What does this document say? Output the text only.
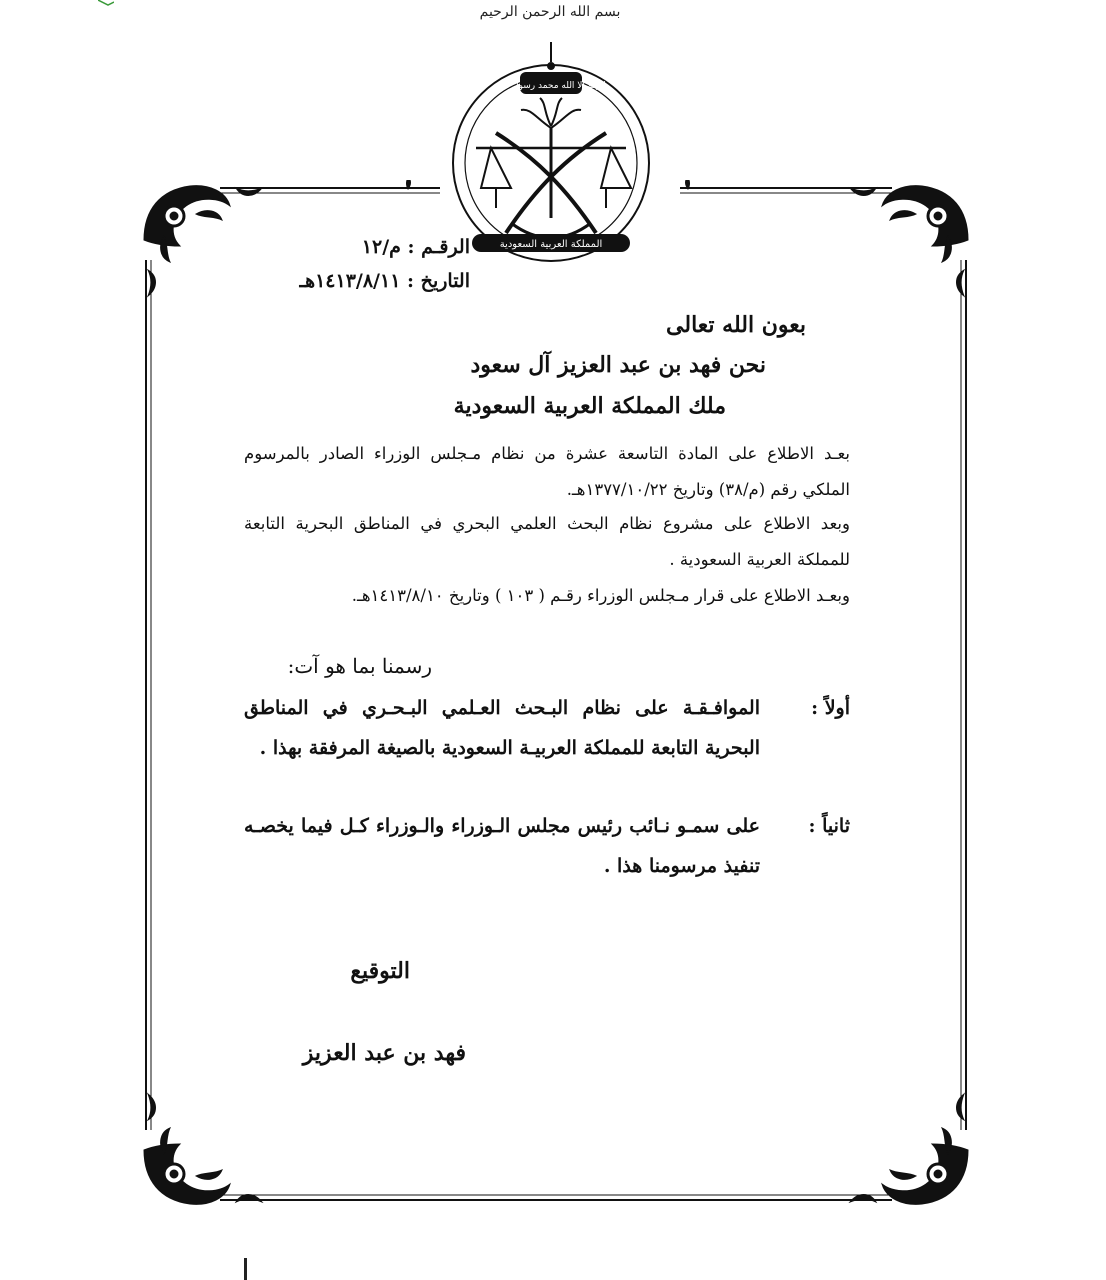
بسم الله الرحمن الرحيم
لا إله إلا الله محمد رسول الله
المملكة العربية السعودية
الرقـم : م/١٢
التاريخ : ١٤١٣/٨/١١هـ
بعون الله تعالى
نحن فهد بن عبد العزيز آل سعود
ملك المملكة العربية السعودية
بعـد الاطلاع على المادة التاسعة عشرة من نظام مـجلس الوزراء الصادر بالمرسوم الملكي رقم (م/٣٨) وتاريخ ١٣٧٧/١٠/٢٢هـ.
وبعد الاطلاع على مشروع نظام البحث العلمي البحري في المناطق البحرية التابعة للمملكة العربية السعودية .
وبعـد الاطلاع على قرار مـجلس الوزراء رقـم ( ١٠٣ ) وتاريخ ١٤١٣/٨/١٠هـ.
رسمنا بما هو آت:
أولاً :
الموافـقـة على نظام البـحث العـلمي البـحـري في المناطق البحرية التابعة للمملكة العربيـة السعودية بالصيغة المرفقة بهذا .
ثانياً :
على سمـو نـائب رئيس مجلس الـوزراء والـوزراء كـل فيما يخصـه تنفيذ مرسومنا هذا .
التوقيع
فهد بن عبد العزيز
